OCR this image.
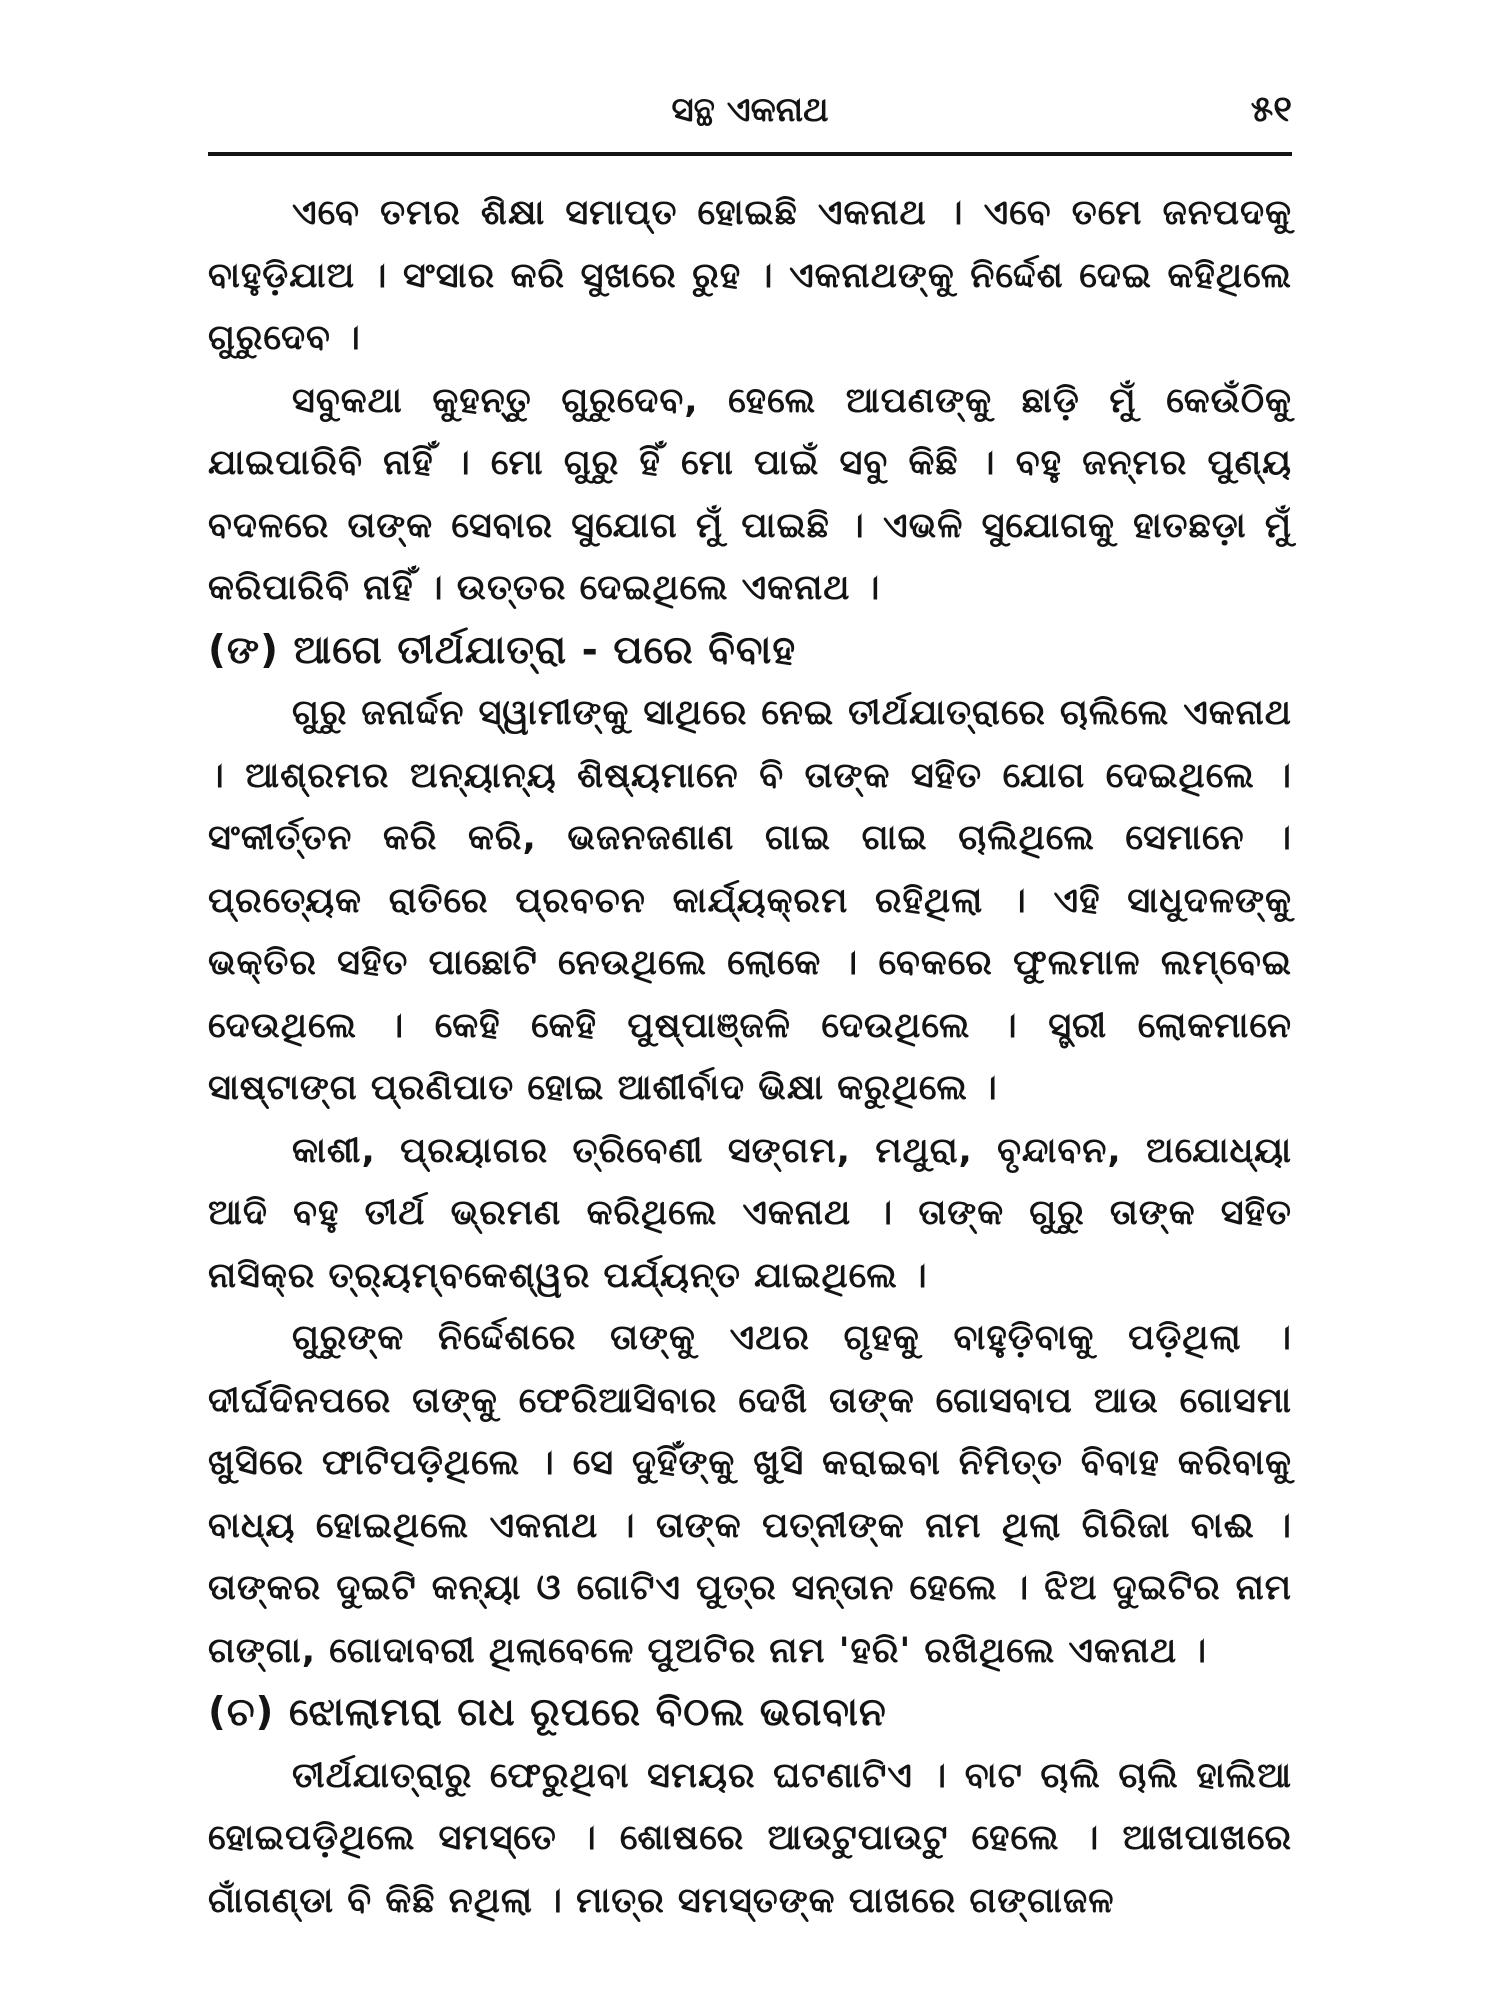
ସନ୍ଥ ଏକନାଥ	୫୧

ଏବେ ତମର ଶିକ୍ଷା ସମାପ୍ତ ହୋଇଛି ଏକନାଥ । ଏବେ ତମେ ଜନପଦକୁ ବାହୁଡ଼ିଯାଅ । ସଂସାର କରି ସୁଖରେ ରୁହ । ଏକନାଥଙ୍କୁ ନିର୍ଦ୍ଦେଶ ଦେଇ କହିଥିଲେ ଗୁରୁଦେବ ।

ସବୁକଥା କୁହନ୍ତୁ ଗୁରୁଦେବ, ହେଲେ ଆପଣଙ୍କୁ ଛାଡ଼ି ମୁଁ କେଉଁଠିକୁ ଯାଇପାରିବି ନାହିଁ । ମୋ ଗୁରୁ ହିଁ ମୋ ପାଇଁ ସବୁ କିଛି । ବହୁ ଜନ୍ମର ପୁଣ୍ୟ ବଦଳରେ ତାଙ୍କ ସେବାର ସୁଯୋଗ ମୁଁ ପାଇଛି । ଏଭଳି ସୁଯୋଗକୁ ହାତଛଡ଼ା ମୁଁ କରିପାରିବି ନାହିଁ । ଉତ୍ତର ଦେଇଥିଲେ ଏକନାଥ ।

(ଙ) ଆଗେ ତୀର୍ଥଯାତ୍ରା - ପରେ ବିବାହ

ଗୁରୁ ଜନାର୍ଦ୍ଦନ ସ୍ୱାମୀଙ୍କୁ ସାଥିରେ ନେଇ ତୀର୍ଥଯାତ୍ରାରେ ଚାଲିଲେ ଏକନାଥ । ଆଶ୍ରମର ଅନ୍ୟାନ୍ୟ ଶିଷ୍ୟମାନେ ବି ତାଙ୍କ ସହିତ ଯୋଗ ଦେଇଥିଲେ । ସଂକୀର୍ତ୍ତନ କରି କରି, ଭଜନଜଣାଣ ଗାଇ ଗାଇ ଚାଲିଥିଲେ ସେମାନେ । ପ୍ରତ୍ୟେକ ରାତିରେ ପ୍ରବଚନ କାର୍ଯ୍ୟକ୍ରମ ରହିଥିଲା । ଏହି ସାଧୁଦଳଙ୍କୁ ଭକ୍ତିର ସହିତ ପାଛୋଟି ନେଉଥିଲେ ଲୋକେ । ବେକରେ ଫୁଲମାଳ ଲମ୍ବେଇ ଦେଉଥିଲେ । କେହି କେହି ପୁଷ୍ପାଞ୍ଜଳି ଦେଉଥିଲେ । ସ୍ତ୍ରୀ ଲୋକମାନେ ସାଷ୍ଟାଙ୍ଗ ପ୍ରଣିପାତ ହୋଇ ଆଶୀର୍ବାଦ ଭିକ୍ଷା କରୁଥିଲେ ।

କାଶୀ, ପ୍ରୟାଗର ତ୍ରିବେଣୀ ସଙ୍ଗମ, ମଥୁରା, ବୃନ୍ଦାବନ, ଅଯୋଧ୍ୟା ଆଦି ବହୁ ତୀର୍ଥ ଭ୍ରମଣ କରିଥିଲେ ଏକନାଥ । ତାଙ୍କ ଗୁରୁ ତାଙ୍କ ସହିତ ନାସିକ୍‌ର ତ୍ର୍ୟମ୍ବକେଶ୍ୱର ପର୍ଯ୍ୟନ୍ତ ଯାଇଥିଲେ ।

ଗୁରୁଙ୍କ ନିର୍ଦ୍ଦେଶରେ ତାଙ୍କୁ ଏଥର ଗୃହକୁ ବାହୁଡ଼ିବାକୁ ପଡ଼ିଥିଲା । ଦୀର୍ଘଦିନପରେ ତାଙ୍କୁ ଫେରିଆସିବାର ଦେଖି ତାଙ୍କ ଗୋସବାପ ଆଉ ଗୋସମା ଖୁସିରେ ଫାଟିପଡ଼ିଥିଲେ । ସେ ଦୁହିଁଙ୍କୁ ଖୁସି କରାଇବା ନିମିତ୍ତ ବିବାହ କରିବାକୁ ବାଧ୍ୟ ହୋଇଥିଲେ ଏକନାଥ । ତାଙ୍କ ପତ୍ନୀଙ୍କ ନାମ ଥିଲା ଗିରିଜା ବାଈ । ତାଙ୍କର ଦୁଇଟି କନ୍ୟା ଓ ଗୋଟିଏ ପୁତ୍ର ସନ୍ତାନ ହେଲେ । ଝିଅ ଦୁଇଟିର ନାମ ଗଙ୍ଗା, ଗୋଦାବରୀ ଥିଲାବେଳେ ପୁଅଟିର ନାମ 'ହରି' ରଖିଥିଲେ ଏକନାଥ ।

(ଚ) ଝୋଲାମରା ଗଧ ରୂପରେ ବିଠଲ ଭଗବାନ

ତୀର୍ଥଯାତ୍ରାରୁ ଫେରୁଥିବା ସମୟର ଘଟଣାଟିଏ । ବାଟ ଚାଲି ଚାଲି ହାଲିଆ ହୋଇପଡ଼ିଥିଲେ ସମସ୍ତେ । ଶୋଷରେ ଆଉଟୁପାଉଟୁ ହେଲେ । ଆଖପାଖରେ ଗାଁଗଣ୍ଡା ବି କିଛି ନଥିଲା । ମାତ୍ର ସମସ୍ତଙ୍କ ପାଖରେ ଗଙ୍ଗାଜଳ
